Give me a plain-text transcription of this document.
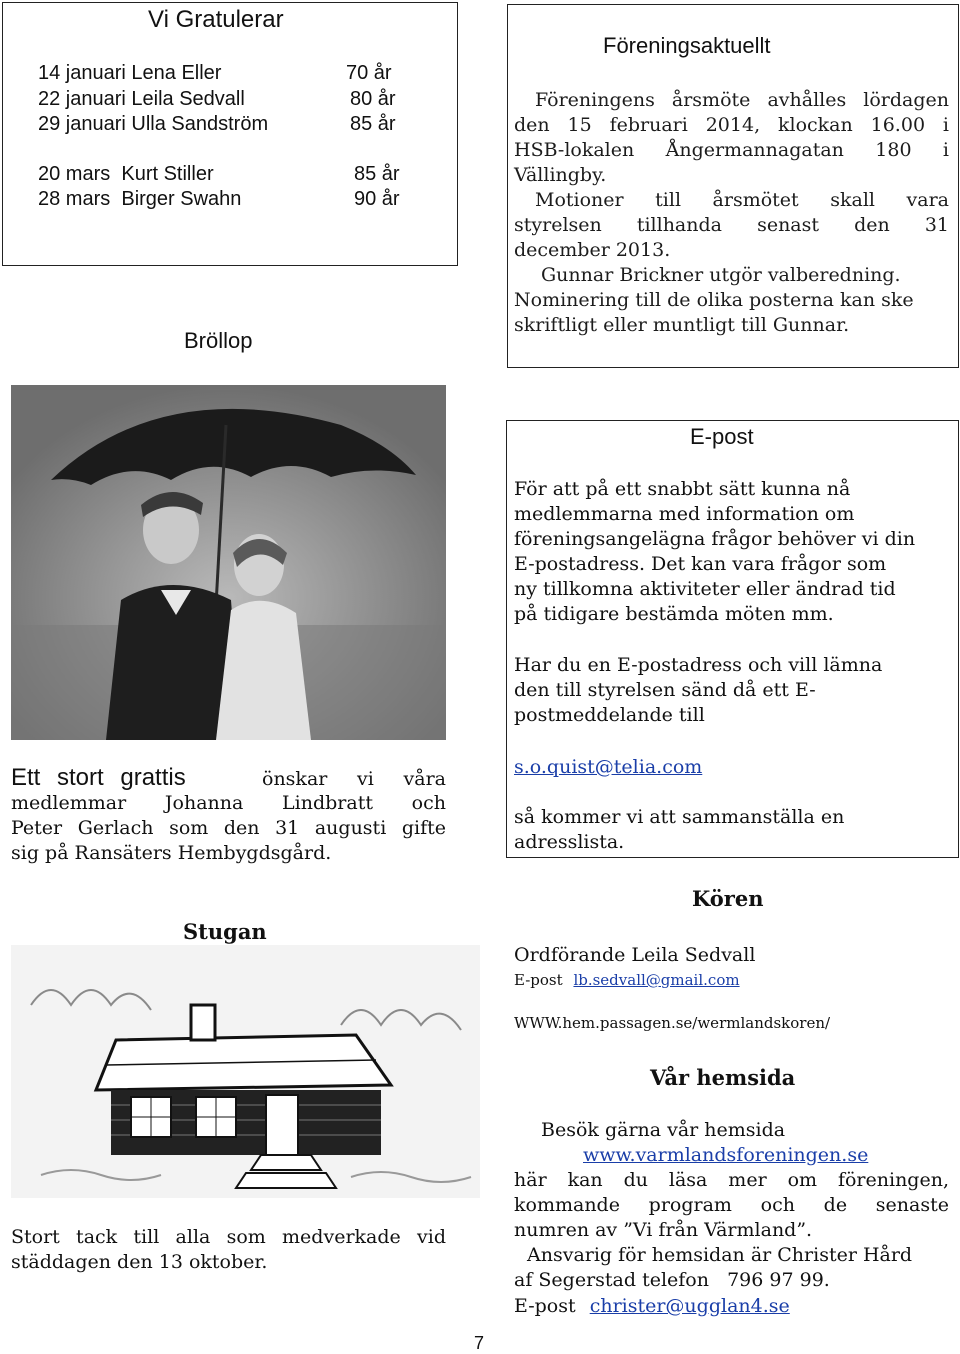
Vi Gratulerar
14 januari Lena Eller	70 år
22 januari Leila Sedvall	80 år
29 januari Ulla Sandström	85 år
20 mars  Kurt Stiller	85 år
28 mars  Birger Swahn	90 år
Bröllop
Föreningsaktuellt
Föreningens årsmöte avhålles lördagen
den 15 februari 2014, klockan 16.00 i
HSB-lokalen Ångermannagatan 180 i
Vällingby.
Motioner till årsmötet skall vara
styrelsen tillhanda senast den 31
december 2013.
Gunnar Brickner utgör valberedning.
Nominering till de olika posterna kan ske
skriftligt eller muntligt till Gunnar.
Ett stort grattis	önskar vi våra
medlemmar Johanna Lindbratt och
Peter Gerlach som den 31 augusti gifte
sig på Ransäters Hembygdsgård.
E-post
För att på ett snabbt sätt kunna nå
medlemmarna med information om
föreningsangelägna frågor behöver vi din
E-postadress. Det kan vara frågor som
ny tillkomna aktiviteter eller ändrad tid
på tidigare bestämda möten mm.
Har du en E-postadress och vill lämna
den till styrelsen sänd då ett E-
postmeddelande till
s.o.quist@telia.com
så kommer vi att sammanställa en
adresslista.
Stugan
Stort tack till alla som medverkade vid
städdagen den 13 oktober.
Kören
Ordförande Leila Sedvall
E-post lb.sedvall@gmail.com
WWW.hem.passagen.se/wermlandskoren/
Vår hemsida
Besök gärna vår hemsida
www.varmlandsforeningen.se
här kan du läsa mer om föreningen,
kommande program och de senaste
numren av ”Vi från Värmland”.
Ansvarig för hemsidan är Christer Hård
af Segerstad telefon   796 97 99.
E-post christer@ugglan4.se
7
